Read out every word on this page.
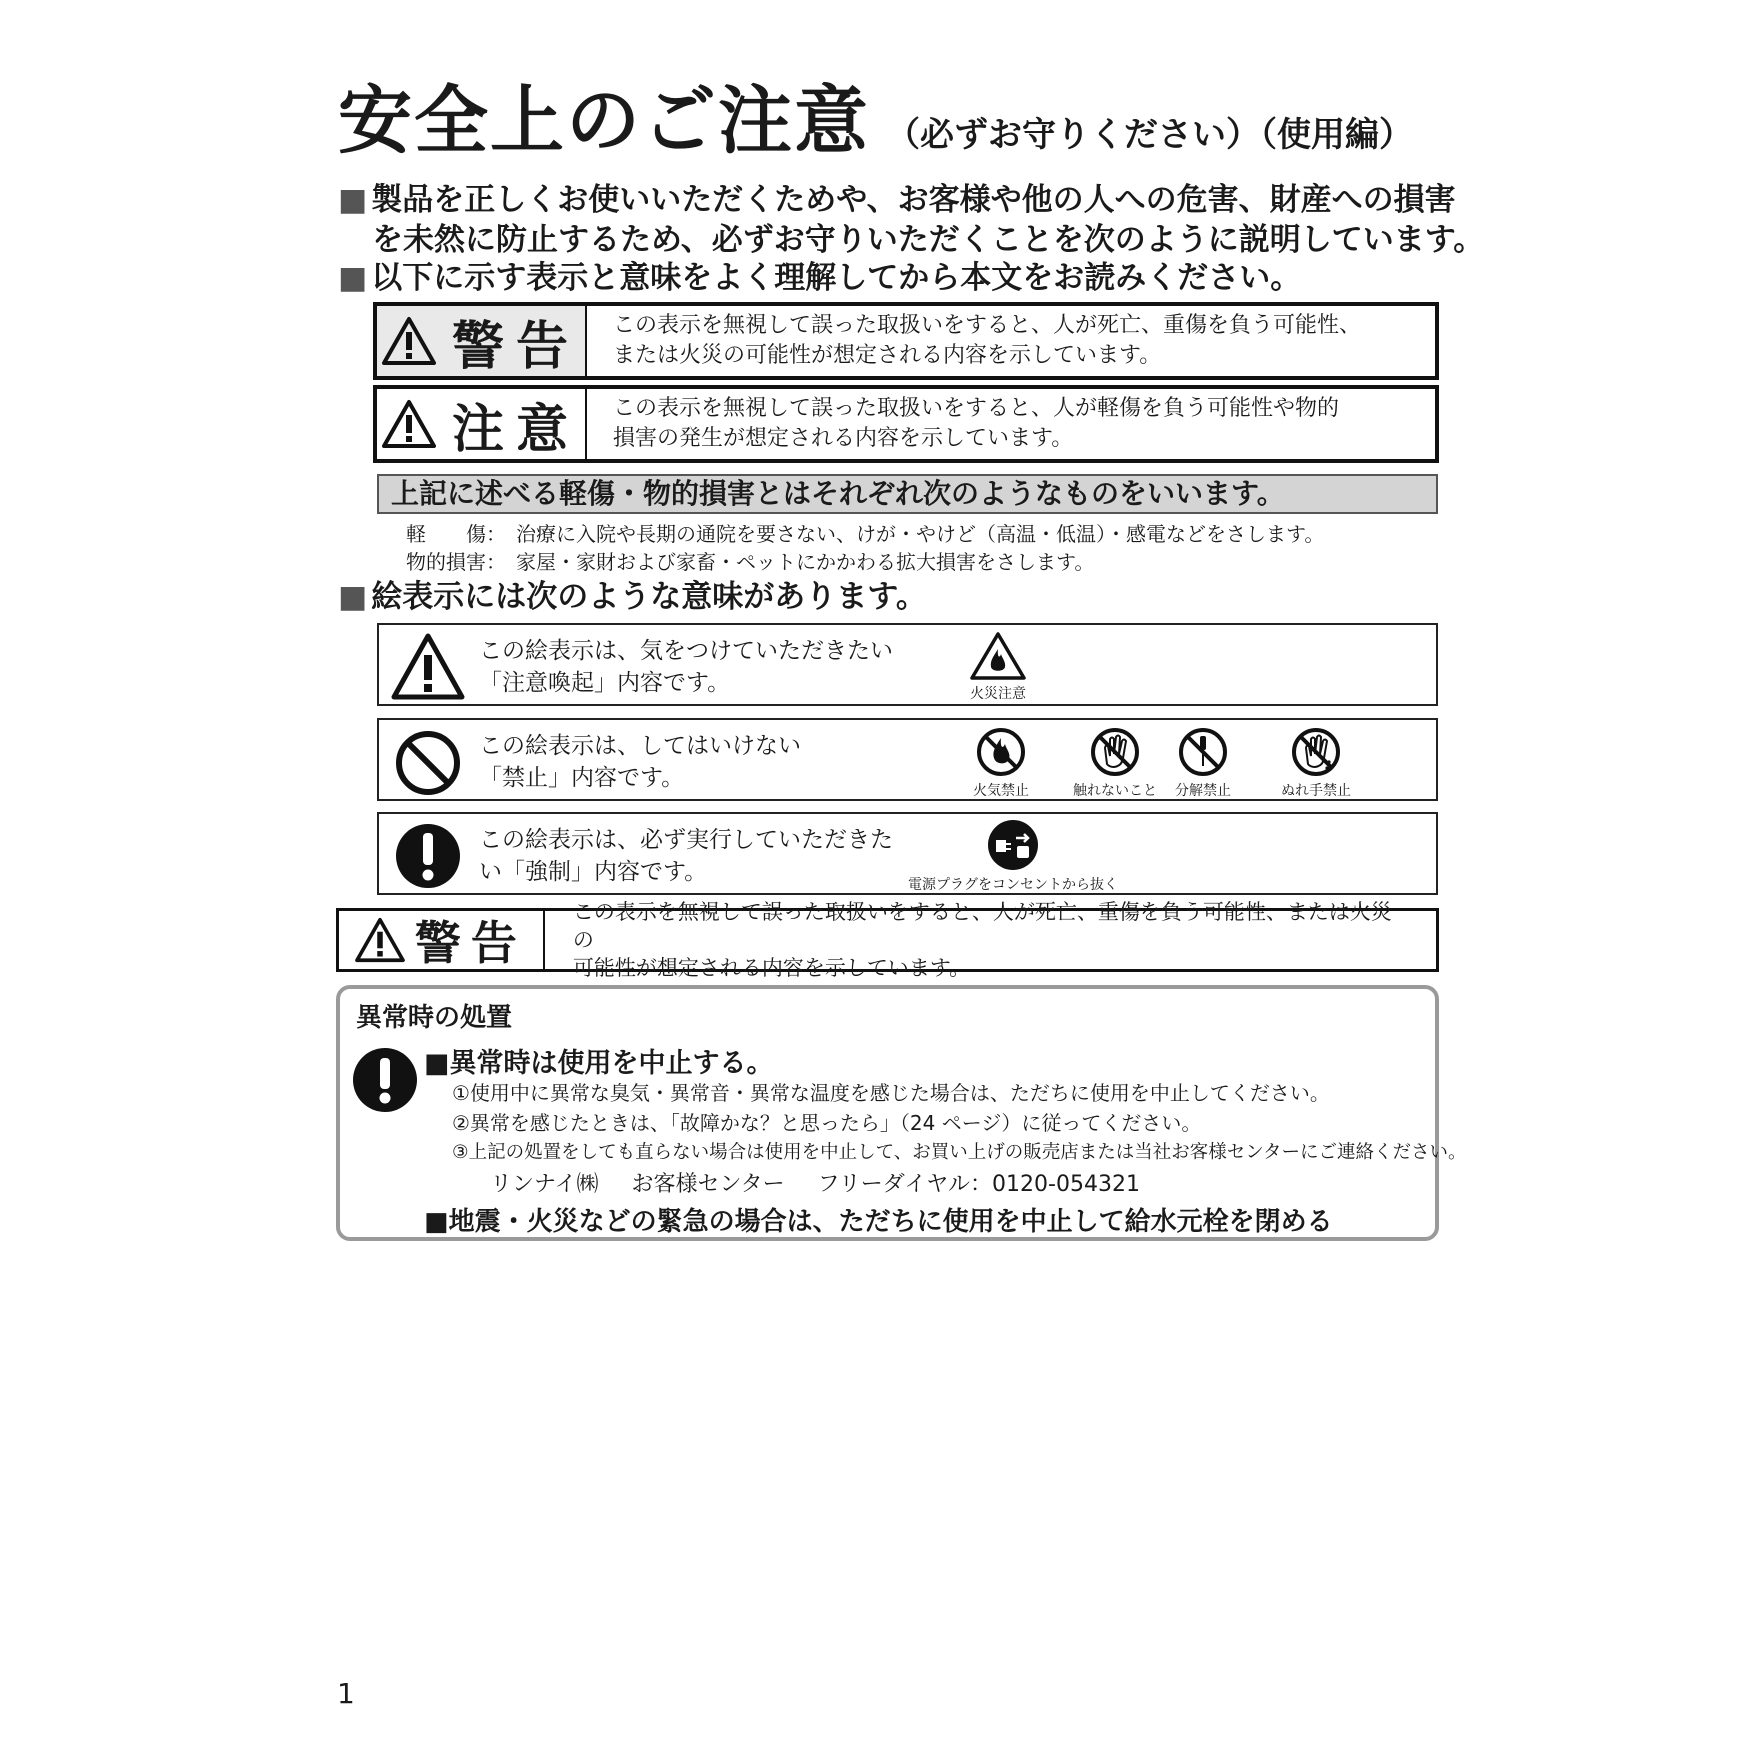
安全上のご注意 （必ずお守りください）（使用編）
■ 製品を正しくお使いいただくためや、お客様や他の人への危害、財産への損害
を未然に防止するため、必ずお守りいただくことを次のように説明しています。
■ 以下に示す表示と意味をよく理解してから本文をお読みください。
警告 この表示を無視して誤った取扱いをすると、人が死亡、重傷を負う可能性、
または火災の可能性が想定される内容を示しています。
注意 この表示を無視して誤った取扱いをすると、人が軽傷を負う可能性や物的
損害の発生が想定される内容を示しています。
上記に述べる軽傷・物的損害とはそれぞれ次のようなものをいいます。
軽　　傷： 治療に入院や長期の通院を要さない、けが・やけど（高温・低温）・感電などをさします。
物的損害： 家屋・家財および家畜・ペットにかかわる拡大損害をさします。
■ 絵表示には次のような意味があります。
この絵表示は、気をつけていただきたい
「注意喚起」内容です。	火災注意
この絵表示は、してはいけない
「禁止」内容です。	火気禁止	触れないこと 分解禁止	ぬれ手禁止
この絵表示は、必ず実行していただきた
い「強制」内容です。	電源プラグをコンセントから抜く
警告
この表示を無視して誤った取扱いをすると、人が死亡、重傷を負う可能性、または火災の
可能性が想定される内容を示しています。
異常時の処置
■異常時は使用を中止する。
①使用中に異常な臭気・異常音・異常な温度を感じた場合は、ただちに使用を中止してください。
②異常を感じたときは、「故障かな？と思ったら」（24 ページ）に従ってください。
③上記の処置をしても直らない場合は使用を中止して、お買い上げの販売店または当社お客様センターにご連絡ください。
リンナイ㈱ お客様センター フリーダイヤル：0120-054321
■地震・火災などの緊急の場合は、ただちに使用を中止して給水元栓を閉める
1
